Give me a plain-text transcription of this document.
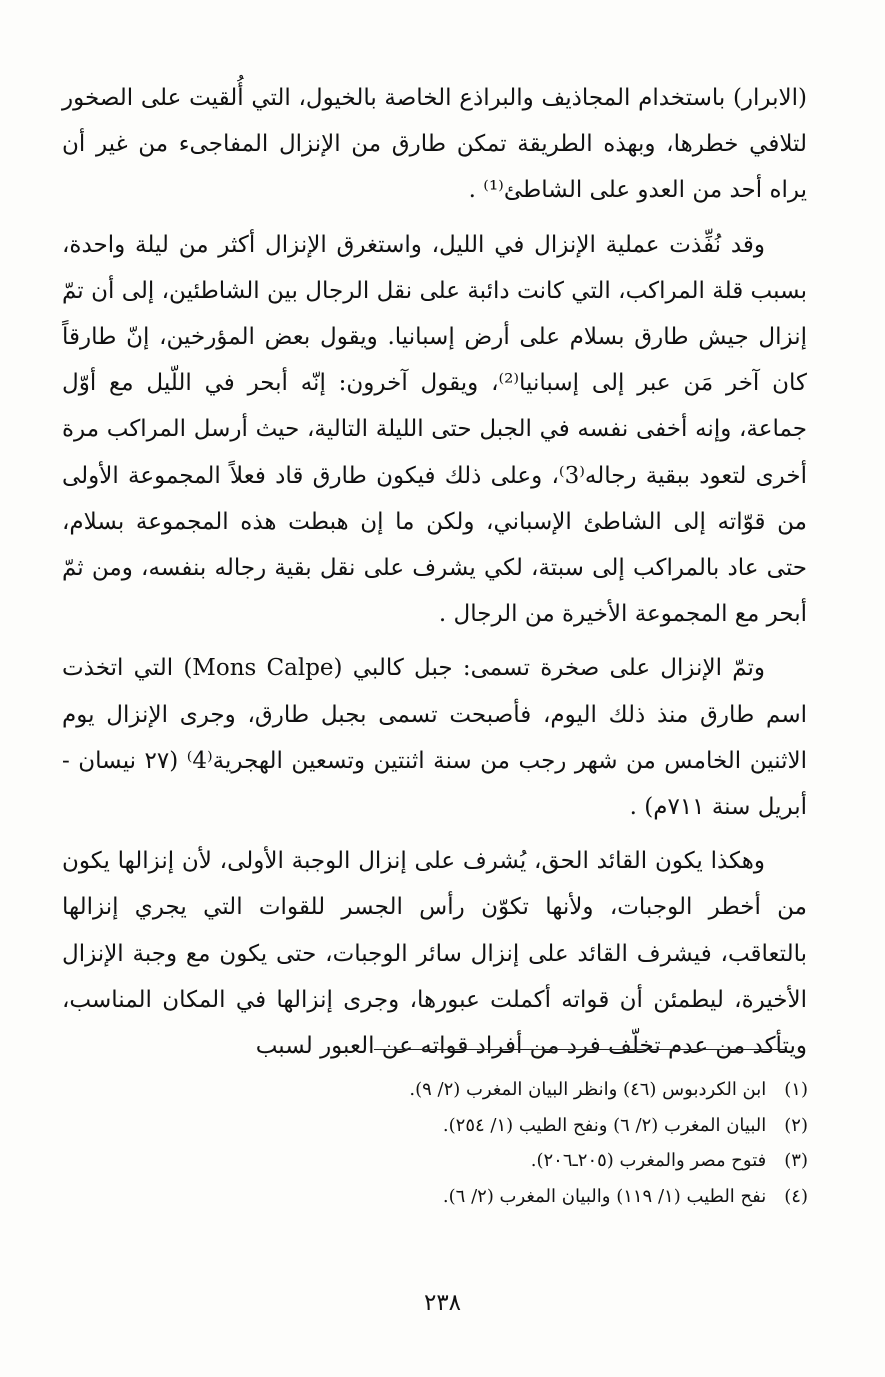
(الابرار) باستخدام المجاذيف والبراذع الخاصة بالخيول، التي أُلقيت على الصخور لتلافي خطرها، وبهذه الطريقة تمكن طارق من الإنزال المفاجىء من غير أن يراه أحد من العدو على الشاطئ⁽¹⁾ .

وقد نُفِّذت عملية الإنزال في الليل، واستغرق الإنزال أكثر من ليلة واحدة، بسبب قلة المراكب، التي كانت دائبة على نقل الرجال بين الشاطئين، إلى أن تمّ إنزال جيش طارق بسلام على أرض إسبانيا. ويقول بعض المؤرخين، إنّ طارقاً كان آخر مَن عبر إلى إسبانيا⁽²⁾، ويقول آخرون: إنّه أبحر في اللّيل مع أوّل جماعة، وإنه أخفى نفسه في الجبل حتى الليلة التالية، حيث أرسل المراكب مرة أخرى لتعود ببقية رجاله⁽3⁾، وعلى ذلك فيكون طارق قاد فعلاً المجموعة الأولى من قوّاته إلى الشاطئ الإسباني، ولكن ما إن هبطت هذه المجموعة بسلام، حتى عاد بالمراكب إلى سبتة، لكي يشرف على نقل بقية رجاله بنفسه، ومن ثمّ أبحر مع المجموعة الأخيرة من الرجال .

وتمّ الإنزال على صخرة تسمى: جبل كالبي (Mons Calpe) التي اتخذت اسم طارق منذ ذلك اليوم، فأصبحت تسمى بجبل طارق، وجرى الإنزال يوم الاثنين الخامس من شهر رجب من سنة اثنتين وتسعين الهجرية⁽4⁾ (٢٧ نيسان - أبريل سنة ٧١١م) .

وهكذا يكون القائد الحق، يُشرف على إنزال الوجبة الأولى، لأن إنزالها يكون من أخطر الوجبات، ولأنها تكوّن رأس الجسر للقوات التي يجري إنزالها بالتعاقب، فيشرف القائد على إنزال سائر الوجبات، حتى يكون مع وجبة الإنزال الأخيرة، ليطمئن أن قواته أكملت عبورها، وجرى إنزالها في المكان المناسب، ويتأكد من عدم تخلّف فرد من أفراد قواته عن العبور لسبب

(١) ابن الكردبوس (٤٦) وانظر البيان المغرب (٢/ ٩).
(٢) البيان المغرب (٢/ ٦) ونفح الطيب (١/ ٢٥٤).
(٣) فتوح مصر والمغرب (٢٠٥ـ٢٠٦).
(٤) نفح الطيب (١/ ١١٩) والبيان المغرب (٢/ ٦).
٢٣٨
